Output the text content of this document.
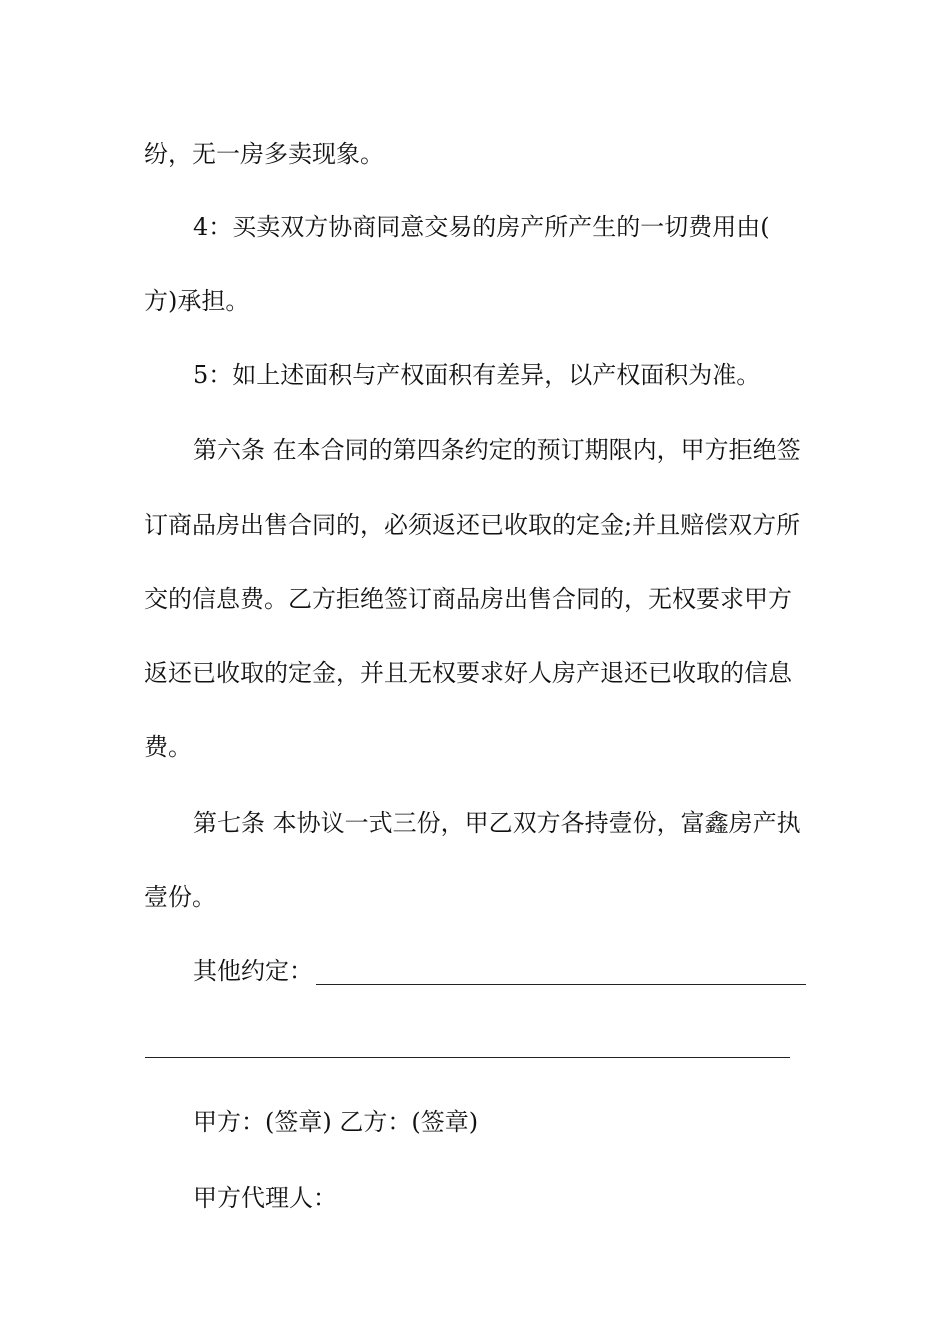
纷，无一房多卖现象。
4：买卖双方协商同意交易的房产所产生的一切费用由(
方)承担。
5：如上述面积与产权面积有差异，以产权面积为准。
第六条 在本合同的第四条约定的预订期限内，甲方拒绝签
订商品房出售合同的，必须返还已收取的定金;并且赔偿双方所
交的信息费。乙方拒绝签订商品房出售合同的，无权要求甲方
返还已收取的定金，并且无权要求好人房产退还已收取的信息
费。
第七条 本协议一式三份，甲乙双方各持壹份，富鑫房产执
壹份。
其他约定：
甲方：(签章) 乙方：(签章)
甲方代理人：
